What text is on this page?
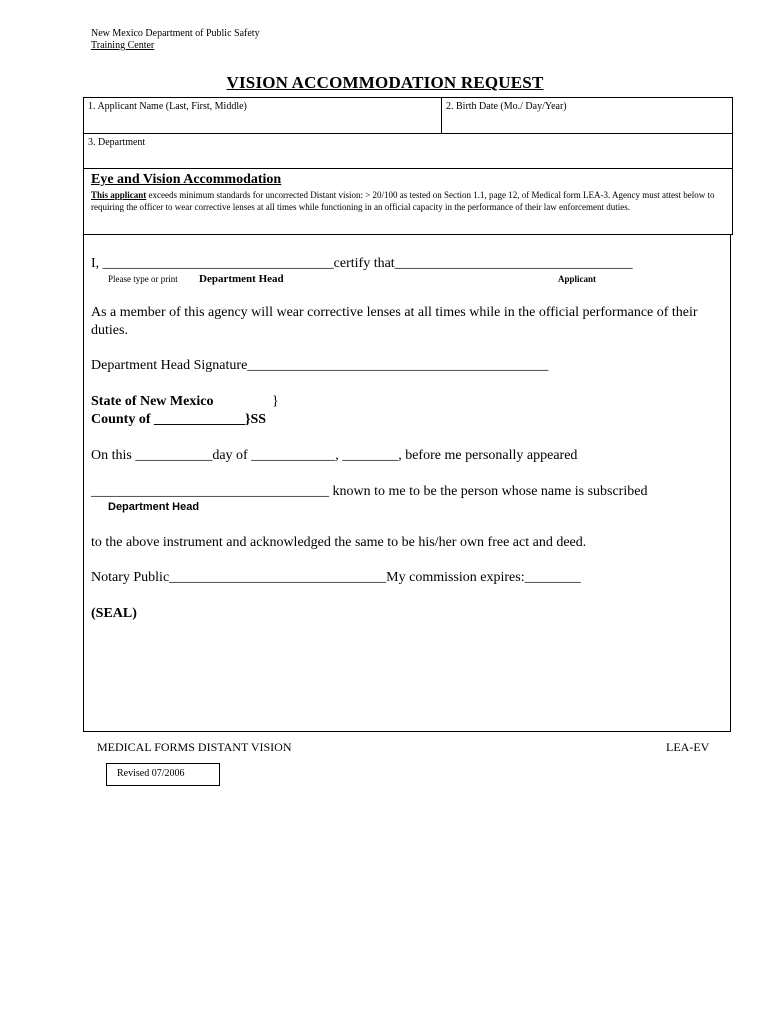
New Mexico Department of Public Safety
Training Center
VISION ACCOMMODATION REQUEST
1. Applicant Name (Last, First, Middle)	2. Birth Date (Mo./ Day/Year)
3. Department
Eye and Vision Accommodation
This applicant exceeds minimum standards for uncorrected Distant vision: > 20/100 as tested on Section 1.1, page 12, of Medical form LEA-3. Agency must attest below to requiring the officer to wear corrective lenses at all times while functioning in an official capacity in the performance of their law enforcement duties.
I, _________________________________certify that__________________________________
Please type or print Department Head	Applicant
As a member of this agency will wear corrective lenses at all times while in the official performance of their duties.
Department Head Signature___________________________________________
State of New Mexico	}
County of _____________}SS
On this ___________day of ____________, ________, before me personally appeared
__________________________________ known to me to be the person whose name is subscribed
Department Head
to the above instrument and acknowledged the same to be his/her own free act and deed.
Notary Public_______________________________My commission expires:________
(SEAL)
MEDICAL FORMS DISTANT VISION	LEA-EV
Revised 07/2006
